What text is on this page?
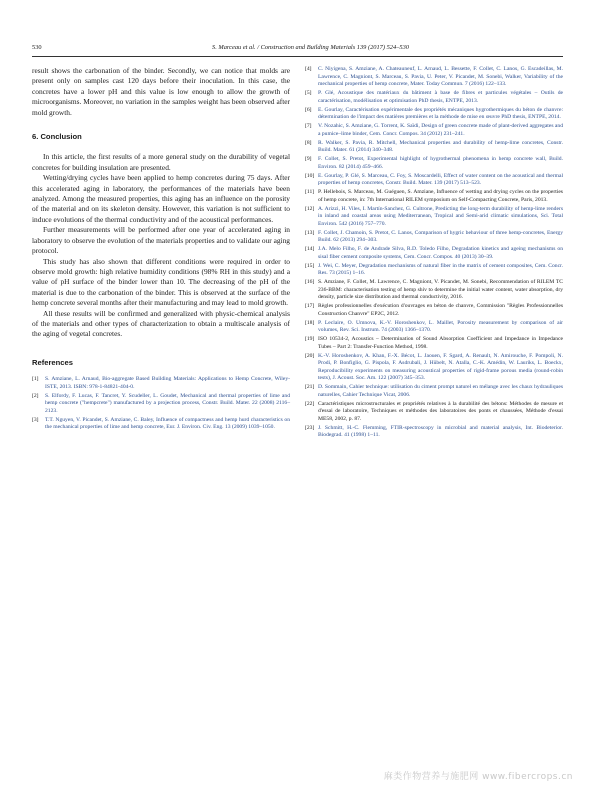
530	S. Marceau et al. / Construction and Building Materials 139 (2017) 524–530

result shows the carbonation of the binder. Secondly, we can notice that molds are present only on samples cast 120 days before their inoculation. In this case, the concretes have a lower pH and this value is low enough to allow the growth of microorganisms. Moreover, no variation in the samples weight has been observed after mold growth.

6. Conclusion

In this article, the first results of a more general study on the durability of vegetal concretes for building insulation are presented.

Wetting/drying cycles have been applied to hemp concretes during 75 days. After this accelerated aging in laboratory, the performances of the materials have been analyzed. Among the measured properties, this aging has an influence on the porosity of the material and on its skeleton density. However, this variation is not sufficient to induce evolutions of the thermal conductivity and of the acoustical performances.

Further measurements will be performed after one year of accelerated aging in laboratory to observe the evolution of the materials properties and to validate our aging protocol.

This study has also shown that different conditions were required in order to observe mold growth: high relative humidity conditions (98% RH in this study) and a value of pH surface of the binder lower than 10. The decreasing of the pH of the material is due to the carbonation of the binder. This is observed at the surface of the hemp concrete several months after their manufacturing and may lead to mold growth.

All these results will be confirmed and generalized with physic-chemical analysis of the materials and other types of characterization to obtain a multiscale analysis of the aging of vegetal concretes.

References
[1] S. Amziane, L. Arnaud, Bio-aggregate Based Building Materials: Applications to Hemp Concrete, Wiley-ISTE, 2013. ISBN: 978-1-84821-404-0.
[2] S. Elfordy, F. Lucas, F. Tancret, Y. Scudeller, L. Goudet, Mechanical and thermal properties of lime and hemp concrete ("hempcrete") manufactured by a projection process, Constr. Build. Mater. 22 (2008) 2116–2123.
[3] T.T. Nguyen, V. Picandet, S. Amziane, C. Baley, Influence of compactness and hemp hurd characteristics on the mechanical properties of lime and hemp concrete, Eur. J. Environ. Civ. Eng. 13 (2009) 1039–1050.
[4] C. Niyigena, S. Amziane, A. Chateauneuf, L. Arnaud, L. Bessette, F. Collet, C. Lanos, G. Escadeillas, M. Lawrence, C. Magniont, S. Marceau, S. Pavia, U. Peter, V. Picandet, M. Sonebi, Walker, Variability of the mechanical properties of hemp concrete, Mater. Today Commun. 7 (2016) 122–133.
[5] P. Glé, Acoustique des matériaux du bâtiment à base de fibres et particules végétales – Outils de caractérisation, modélisation et optimisation PhD thesis, ENTPE, 2013.
[6] E. Gourlay, Caractérisation expérimentale des propriétés mécaniques hygrothermiques du béton de chanvre: détermination de l'impact des matières premières et la méthode de mise en œuvre PhD thesis, ENTPE, 2014.
[7] V. Nozahic, S. Amziane, G. Torrent, K. Saïdi, Design of green concrete made of plant-derived aggregates and a pumice–lime binder, Cem. Concr. Compos. 34 (2012) 231–241.
[8] R. Walker, S. Pavia, R. Mitchell, Mechanical properties and durability of hemp-lime concretes, Constr. Build. Mater. 61 (2014) 340–348.
[9] F. Collet, S. Pretot, Experimental highlight of hygrothermal phenomena in hemp concrete wall, Build. Environ. 82 (2014) 459–466.
[10] E. Gourlay, P. Glé, S. Marceau, C. Foy, S. Moscardelli, Effect of water content on the acoustical and thermal properties of hemp concretes, Constr. Build. Mater. 139 (2017) 513–523.
[11] P. Hellebois, S. Marceau, M. Guéguen, S. Amziane, Influence of wetting and drying cycles on the properties of hemp concrete, in: 7th International RILEM symposium on Self-Compacting Concrete, Paris, 2013.
[12] A. Arizzi, H. Viles, I. Martín-Sanchez, G. Cultrone, Predicting the long-term durability of hemp-lime renders in inland and coastal areas using Mediterranean, Tropical and Semi-arid climatic simulations, Sci. Total Environ. 542 (2016) 757–770.
[13] F. Collet, J. Chamoin, S. Pretot, C. Lanos, Comparison of hygric behaviour of three hemp-concretes, Energy Build. 62 (2013) 294–303.
[14] J.A. Melo Filho, F. de Andrade Silva, R.D. Toledo Filho, Degradation kinetics and ageing mechanisms on sisal fiber cement composite systems, Cem. Concr. Compos. 40 (2013) 30–39.
[15] J. Wei, C. Meyer, Degradation mechanisms of natural fiber in the matrix of cement composites, Cem. Concr. Res. 73 (2015) 1–16.
[16] S. Amziane, F. Collet, M. Lawrence, C. Magniont, V. Picandet, M. Sonebi, Recommendation of RILEM TC 236-BBM: characterisation testing of hemp shiv to determine the initial water content, water absorption, dry density, particle size distribution and thermal conductivity, 2016.
[17] Règles professionnelles d'exécution d'ouvrages en béton de chanvre, Commission "Règles Professionnelles Construction Chanvre" EP2C, 2012.
[18] P. Leclaire, O. Umnova, K.-V. Horoshenkov, L. Maillet, Porosity measurement by comparison of air volumes, Rev. Sci. Instrum. 74 (2003) 1366–1370.
[19] ISO 10534-2, Acoustics – Determination of Sound Absorption Coefficient and Impedance in Impedance Tubes – Part 2: Transfer-Function Method, 1998.
[20] K.-V. Horoshenkov, A. Khan, F.-X. Bécot, L. Jaouen, F. Sgard, A. Renault, N. Amirouche, F. Pompoli, N. Prodi, P. Bonfiglio, G. Pispola, F. Asdrubali, J. Hübelt, N. Atalla, C.-K. Amédin, W. Lauriks, L. Boeckx, Reproducibility experiments on measuring acoustical properties of rigid-frame porous media (round-robin tests), J. Acoust. Soc. Am. 122 (2007) 345–353.
[21] D. Sommain, Cahier technique: utilisation du ciment prompt naturel en mélange avec les chaux hydrauliques naturelles, Cahier Technique Vicat, 2006.
[22] Caractéristiques microstructurales et propriétés relatives à la durabilité des bétons: Méthodes de mesure et d'essai de laboratoire, Techniques et méthodes des laboratoires des ponts et chaussées, Méthode d'essai ME58, 2002, p. 87.
[23] J. Schmitt, H.-C. Flemming, FTIR-spectroscopy in microbial and material analysis, Int. Biodeterior. Biodegrad. 41 (1998) 1–11.
麻类作物营养与施肥网 www.fibercrops.cn
